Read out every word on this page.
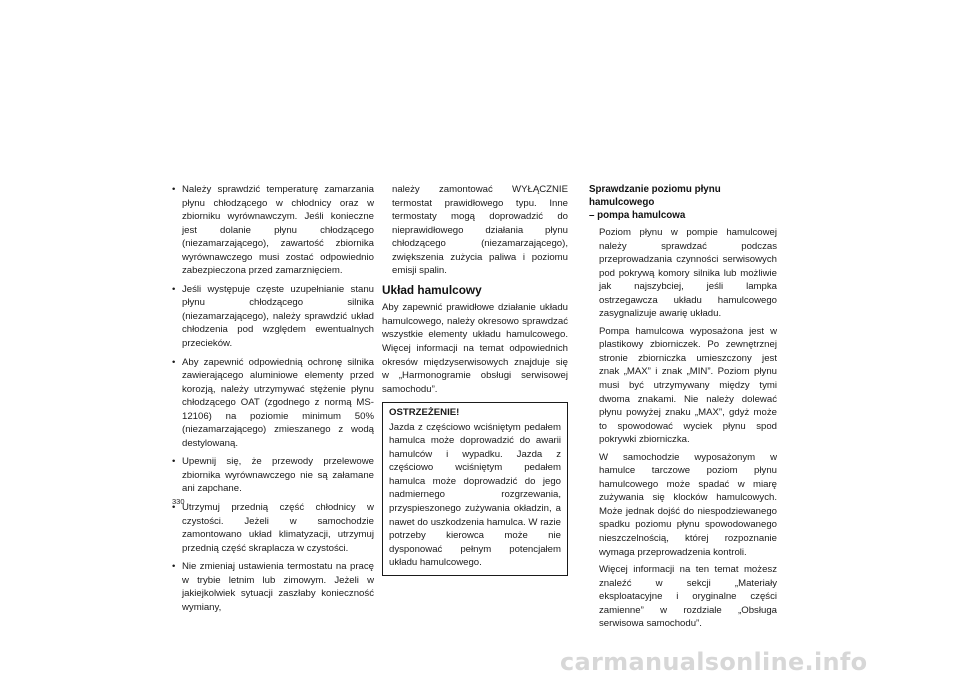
• Należy sprawdzić temperaturę zamarzania płynu chłodzącego w chłodnicy oraz w zbiorniku wyrównawczym. Jeśli konieczne jest dolanie płynu chłodzącego (niezamarzającego), zawartość zbiornika wyrównawczego musi zostać odpowiednio zabezpieczona przed zamarznięciem.
• Jeśli występuje częste uzupełnianie stanu płynu chłodzącego silnika (niezamarzającego), należy sprawdzić układ chłodzenia pod względem ewentualnych przecieków.
• Aby zapewnić odpowiednią ochronę silnika zawierającego aluminiowe elementy przed korozją, należy utrzymywać stężenie płynu chłodzącego OAT (zgodnego z normą MS-12106) na poziomie minimum 50% (niezamarzającego) zmieszanego z wodą destylowaną.
• Upewnij się, że przewody przelewowe zbiornika wyrównawczego nie są załamane ani zapchane.
• Utrzymuj przednią część chłodnicy w czystości. Jeżeli w samochodzie zamontowano układ klimatyzacji, utrzymuj przednią część skraplacza w czystości.
• Nie zmieniaj ustawienia termostatu na pracę w trybie letnim lub zimowym. Jeżeli w jakiejkolwiek sytuacji zaszłaby konieczność wymiany,

należy zamontować WYŁĄCZNIE termostat prawidłowego typu. Inne termostaty mogą doprowadzić do nieprawidłowego działania płynu chłodzącego (niezamarzającego), zwiększenia zużycia paliwa i poziomu emisji spalin.

Układ hamulcowy

Aby zapewnić prawidłowe działanie układu hamulcowego, należy okresowo sprawdzać wszystkie elementy układu hamulcowego. Więcej informacji na temat odpowiednich okresów międzyserwisowych znajduje się w „Harmonogramie obsługi serwisowej samochodu”.

OSTRZEŻENIE!

Jazda z częściowo wciśniętym pedałem hamulca może doprowadzić do awarii hamulców i wypadku. Jazda z częściowo wciśniętym pedałem hamulca może doprowadzić do jego nadmiernego rozgrzewania, przyspieszonego zużywania okładzin, a nawet do uszkodzenia hamulca. W razie potrzeby kierowca może nie dysponować pełnym potencjałem układu hamulcowego.

Sprawdzanie poziomu płynu hamulcowego
– pompa hamulcowa

Poziom płynu w pompie hamulcowej należy sprawdzać podczas przeprowadzania czynności serwisowych pod pokrywą komory silnika lub możliwie jak najszybciej, jeśli lampka ostrzegawcza układu hamulcowego zasygnalizuje awarię układu.

Pompa hamulcowa wyposażona jest w plastikowy zbiorniczek. Po zewnętrznej stronie zbiorniczka umieszczony jest znak „MAX” i znak „MIN”. Poziom płynu musi być utrzymywany między tymi dwoma znakami. Nie należy dolewać płynu powyżej znaku „MAX”, gdyż może to spowodować wyciek płynu spod pokrywki zbiorniczka.

W samochodzie wyposażonym w hamulce tarczowe poziom płynu hamulcowego może spadać w miarę zużywania się klocków hamulcowych. Może jednak dojść do niespodziewanego spadku poziomu płynu spowodowanego nieszczelnością, której rozpoznanie wymaga przeprowadzenia kontroli.

Więcej informacji na ten temat możesz znaleźć w sekcji „Materiały eksploatacyjne i oryginalne części zamienne” w rozdziale „Obsługa serwisowa samochodu”.

330
carmanualsonline.info
